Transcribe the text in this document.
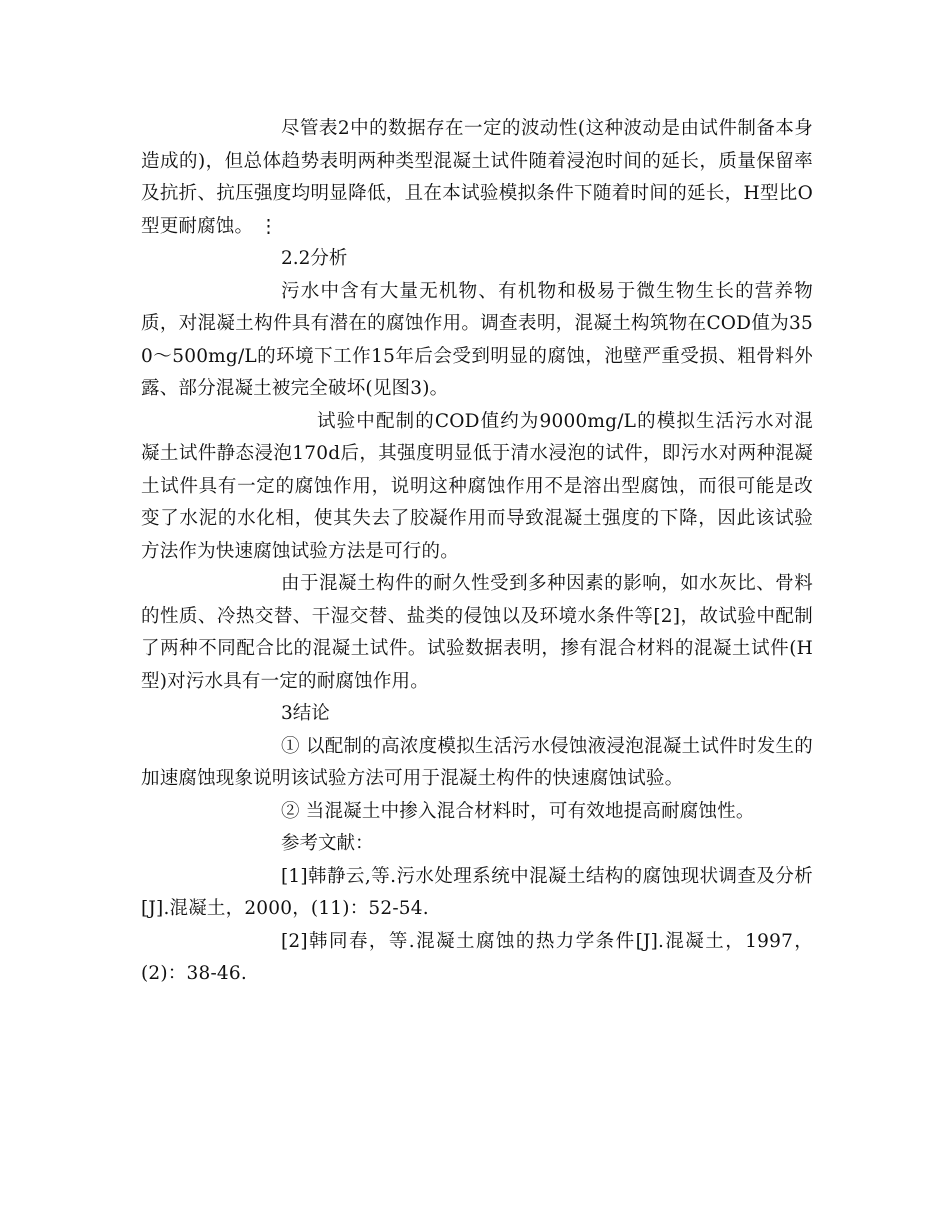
尽管表2中的数据存在一定的波动性(这种波动是由试件制备本身造成的)，但总体趋势表明两种类型混凝土试件随着浸泡时间的延长，质量保留率及抗折、抗压强度均明显降低，且在本试验模拟条件下随着时间的延长，H型比O型更耐腐蚀。 ⋮

2.2分析

污水中含有大量无机物、有机物和极易于微生物生长的营养物质，对混凝土构件具有潜在的腐蚀作用。调查表明，混凝土构筑物在COD值为350～500mg/L的环境下工作15年后会受到明显的腐蚀，池壁严重受损、粗骨料外露、部分混凝土被完全破坏(见图3)。

试验中配制的COD值约为9000mg/L的模拟生活污水对混凝土试件静态浸泡170d后，其强度明显低于清水浸泡的试件，即污水对两种混凝土试件具有一定的腐蚀作用，说明这种腐蚀作用不是溶出型腐蚀，而很可能是改变了水泥的水化相，使其失去了胶凝作用而导致混凝土强度的下降，因此该试验方法作为快速腐蚀试验方法是可行的。

由于混凝土构件的耐久性受到多种因素的影响，如水灰比、骨料的性质、冷热交替、干湿交替、盐类的侵蚀以及环境水条件等[2]，故试验中配制了两种不同配合比的混凝土试件。试验数据表明，掺有混合材料的混凝土试件(H型)对污水具有一定的耐腐蚀作用。

3结论

① 以配制的高浓度模拟生活污水侵蚀液浸泡混凝土试件时发生的加速腐蚀现象说明该试验方法可用于混凝土构件的快速腐蚀试验。

② 当混凝土中掺入混合材料时，可有效地提高耐腐蚀性。

参考文献：

[1]韩静云,等.污水处理系统中混凝土结构的腐蚀现状调查及分析[J].混凝土，2000，(11)：52-54.

[2]韩同春，等.混凝土腐蚀的热力学条件[J].混凝土，1997，(2)：38-46.
